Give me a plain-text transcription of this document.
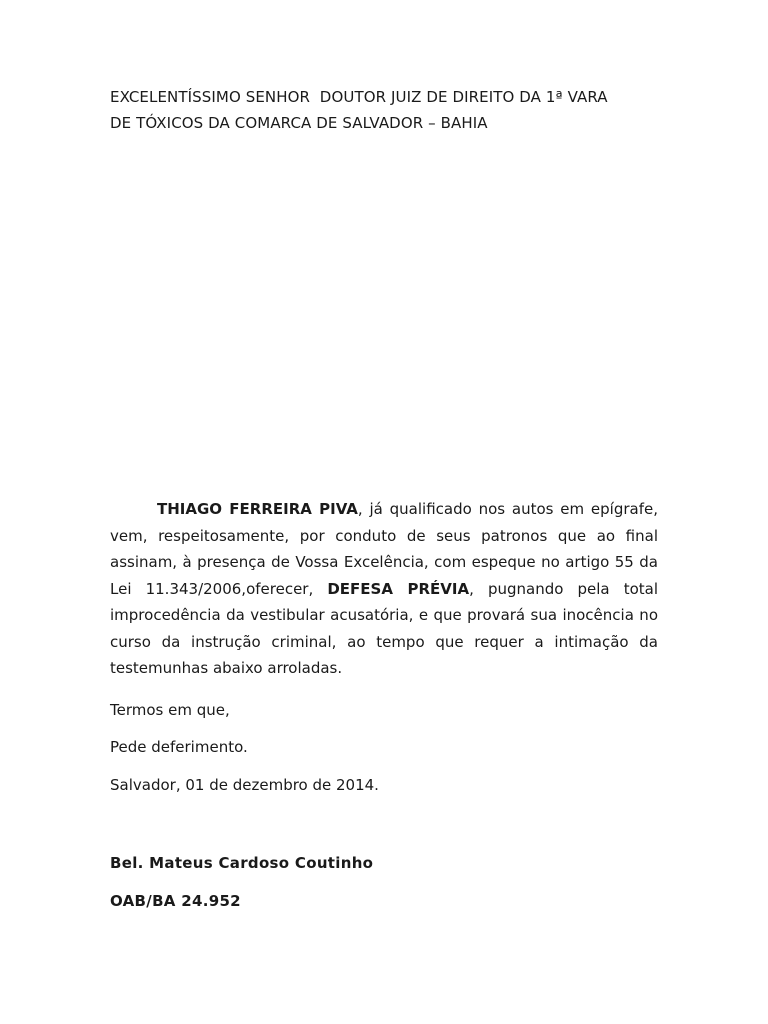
EXCELENTÍSSIMO SENHOR  DOUTOR JUIZ DE DIREITO DA 1ª VARA
DE TÓXICOS DA COMARCA DE SALVADOR – BAHIA

THIAGO FERREIRA PIVA, já qualificado nos autos em epígrafe, vem, respeitosamente, por conduto de seus patronos que ao final assinam, à presença de Vossa Excelência, com espeque no artigo 55 da Lei 11.343/2006,oferecer, DEFESA PRÉVIA, pugnando pela total improcedência da vestibular acusatória, e que provará sua inocência no curso da instrução criminal, ao tempo que requer a intimação da testemunhas abaixo arroladas.

Termos em que,

Pede deferimento.

Salvador, 01 de dezembro de 2014.

Bel. Mateus Cardoso Coutinho

OAB/BA 24.952
